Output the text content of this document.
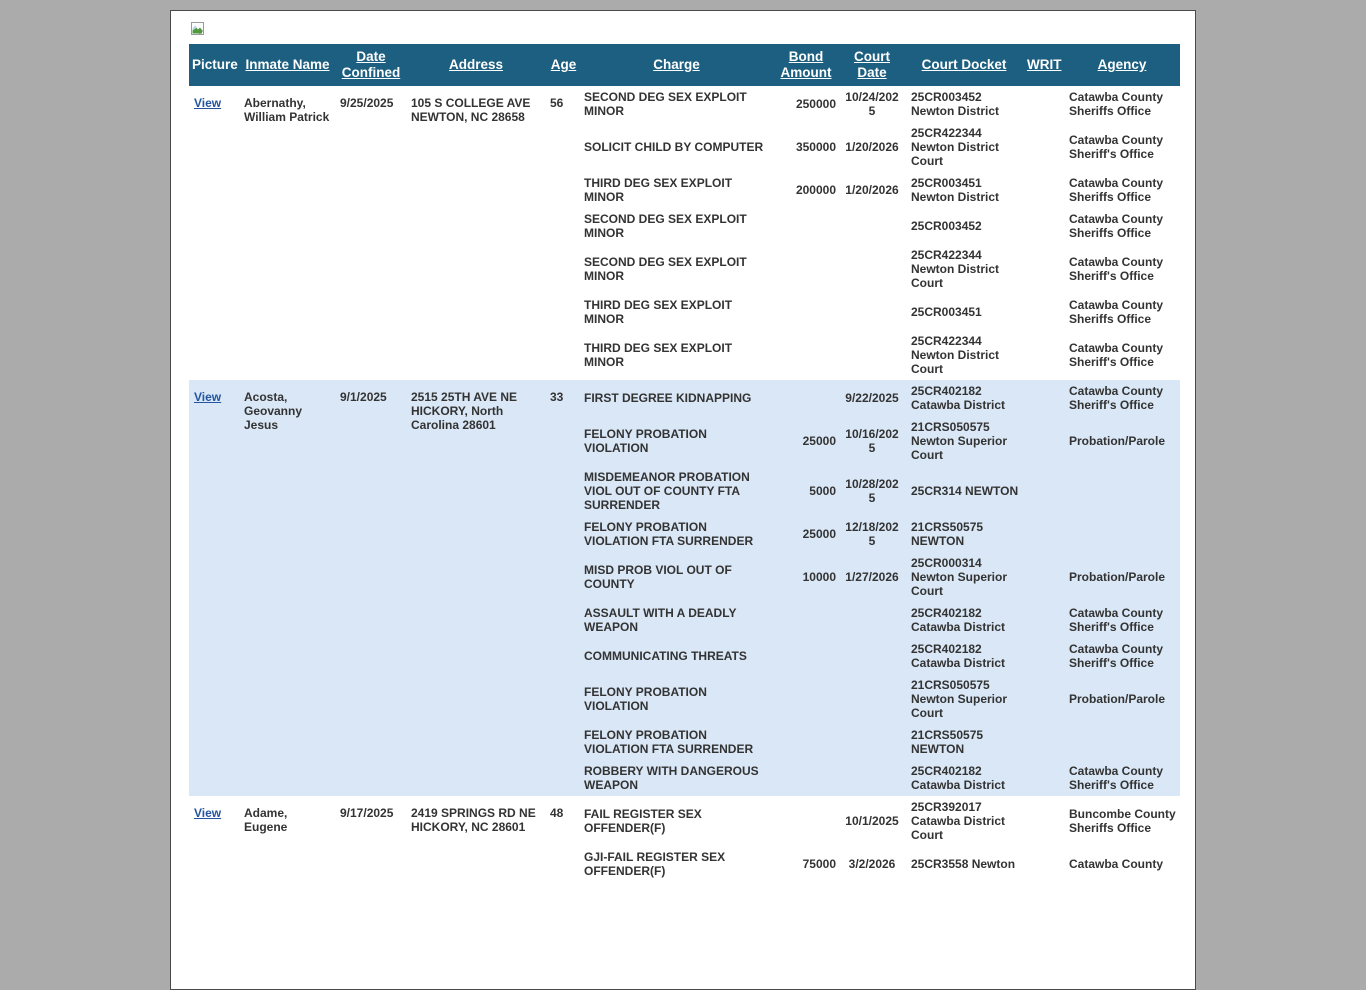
Picture	Inmate Name	Date Confined	Address	Age	Charge	Bond Amount	Court Date	Court Docket	WRIT	Agency
View	Abernathy, William Patrick	9/25/2025	105 S COLLEGE AVE NEWTON, NC 28658	56	SECOND DEG SEX EXPLOIT MINOR	250000	10/24/2025	25CR003452 Newton District		Catawba County Sheriffs Office
					SOLICIT CHILD BY COMPUTER	350000	1/20/2026	25CR422344 Newton District Court		Catawba County Sheriff's Office
					THIRD DEG SEX EXPLOIT MINOR	200000	1/20/2026	25CR003451 Newton District		Catawba County Sheriffs Office
					SECOND DEG SEX EXPLOIT MINOR			25CR003452		Catawba County Sheriffs Office
					SECOND DEG SEX EXPLOIT MINOR			25CR422344 Newton District Court		Catawba County Sheriff's Office
					THIRD DEG SEX EXPLOIT MINOR			25CR003451		Catawba County Sheriffs Office
					THIRD DEG SEX EXPLOIT MINOR			25CR422344 Newton District Court		Catawba County Sheriff's Office
View	Acosta, Geovanny Jesus	9/1/2025	2515 25TH AVE NE HICKORY, North Carolina 28601	33	FIRST DEGREE KIDNAPPING		9/22/2025	25CR402182 Catawba District		Catawba County Sheriff's Office
					FELONY PROBATION VIOLATION	25000	10/16/2025	21CRS050575 Newton Superior Court		Probation/Parole
					MISDEMEANOR PROBATION VIOL OUT OF COUNTY FTA SURRENDER	5000	10/28/2025	25CR314 NEWTON		
					FELONY PROBATION VIOLATION FTA SURRENDER	25000	12/18/2025	21CRS50575 NEWTON		
					MISD PROB VIOL OUT OF COUNTY	10000	1/27/2026	25CR000314 Newton Superior Court		Probation/Parole
					ASSAULT WITH A DEADLY WEAPON			25CR402182 Catawba District		Catawba County Sheriff's Office
					COMMUNICATING THREATS			25CR402182 Catawba District		Catawba County Sheriff's Office
					FELONY PROBATION VIOLATION			21CRS050575 Newton Superior Court		Probation/Parole
					FELONY PROBATION VIOLATION FTA SURRENDER			21CRS50575 NEWTON		
					ROBBERY WITH DANGEROUS WEAPON			25CR402182 Catawba District		Catawba County Sheriff's Office
View	Adame, Eugene	9/17/2025	2419 SPRINGS RD NE HICKORY, NC 28601	48	FAIL REGISTER SEX OFFENDER(F)		10/1/2025	25CR392017 Catawba District Court		Buncombe County Sheriffs Office
					GJI-FAIL REGISTER SEX OFFENDER(F)	75000	3/2/2026	25CR3558 Newton		Catawba County
